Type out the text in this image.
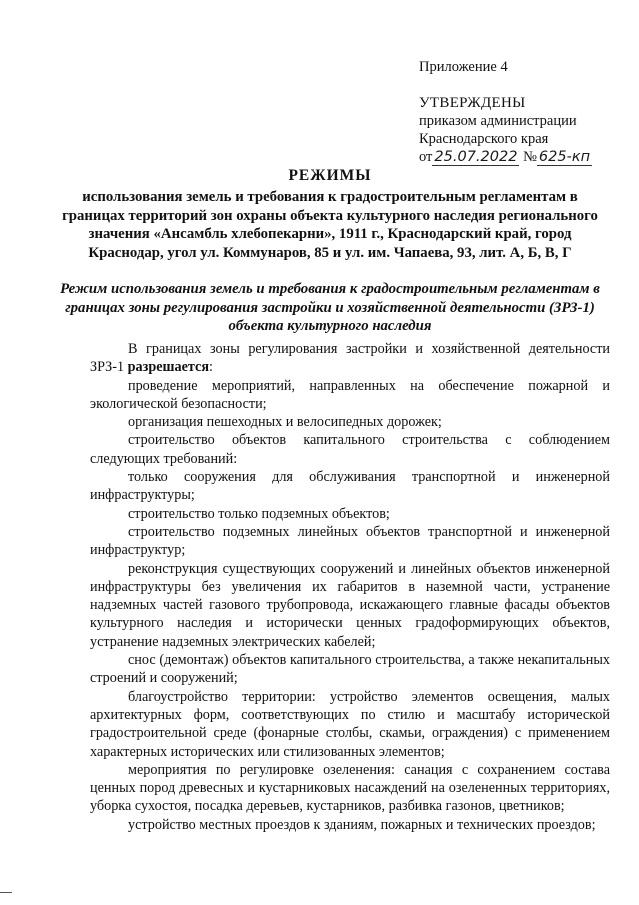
Приложение 4
УТВЕРЖДЕНЫ
приказом администрации
Краснодарского края
от 25.07.2022 № 625-кп
РЕЖИМЫ
использования земель и требования к градостроительным регламентам в границах территорий зон охраны объекта культурного наследия регионального значения «Ансамбль хлебопекарни», 1911 г., Краснодарский край, город Краснодар, угол ул. Коммунаров, 85 и ул. им. Чапаева, 93, лит. А, Б, В, Г
Режим использования земель и требования к градостроительным регламентам в границах зоны регулирования застройки и хозяйственной деятельности (ЗРЗ-1) объекта культурного наследия

В границах зоны регулирования застройки и хозяйственной деятельности ЗРЗ-1 разрешается:

проведение мероприятий, направленных на обеспечение пожарной и экологической безопасности;

организация пешеходных и велосипедных дорожек;

строительство объектов капитального строительства с соблюдением следующих требований:

только сооружения для обслуживания транспортной и инженерной инфраструктуры;

строительство только подземных объектов;

строительство подземных линейных объектов транспортной и инженерной инфраструктур;

реконструкция существующих сооружений и линейных объектов инженерной инфраструктуры без увеличения их габаритов в наземной части, устранение надземных частей газового трубопровода, искажающего главные фасады объектов культурного наследия и исторически ценных градоформирующих объектов, устранение надземных электрических кабелей;

снос (демонтаж) объектов капитального строительства, а также некапитальных строений и сооружений;

благоустройство территории: устройство элементов освещения, малых архитектурных форм, соответствующих по стилю и масштабу исторической градостроительной среде (фонарные столбы, скамьи, ограждения) с применением характерных исторических или стилизованных элементов;

мероприятия по регулировке озеленения: санация с сохранением состава ценных пород древесных и кустарниковых насаждений на озелененных территориях, уборка сухостоя, посадка деревьев, кустарников, разбивка газонов, цветников;

устройство местных проездов к зданиям, пожарных и технических проездов;
